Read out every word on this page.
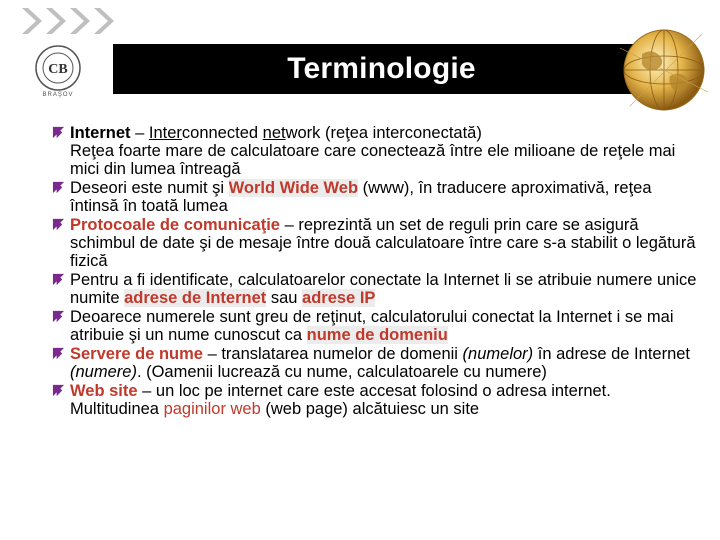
CB
BRAŞOV
Terminologie
Internet – Interconnected network (reţea interconectată)
Reţea foarte mare de calculatoare care conectează între ele milioane de reţele mai mici din lumea întreagă
Deseori este numit şi World Wide Web (www), în traducere aproximativă, reţea întinsă în toată lumea
Protocoale de comunicaţie – reprezintă un set de reguli prin care se asigură schimbul de date şi de mesaje între două calculatoare între care s-a stabilit o legătură fizică
Pentru a fi identificate, calculatoarelor conectate la Internet li se atribuie numere unice numite adrese de Internet sau adrese IP
Deoarece numerele sunt greu de reţinut, calculatorului conectat la Internet i se mai atribuie şi un nume cunoscut ca nume de domeniu
Servere de nume – translatarea numelor de domenii (numelor) în adrese de Internet (numere). (Oamenii lucrează cu nume, calculatoarele cu numere)
Web site – un loc pe internet care este accesat folosind o adresa internet. Multitudinea paginilor web (web page) alcătuiesc un site
